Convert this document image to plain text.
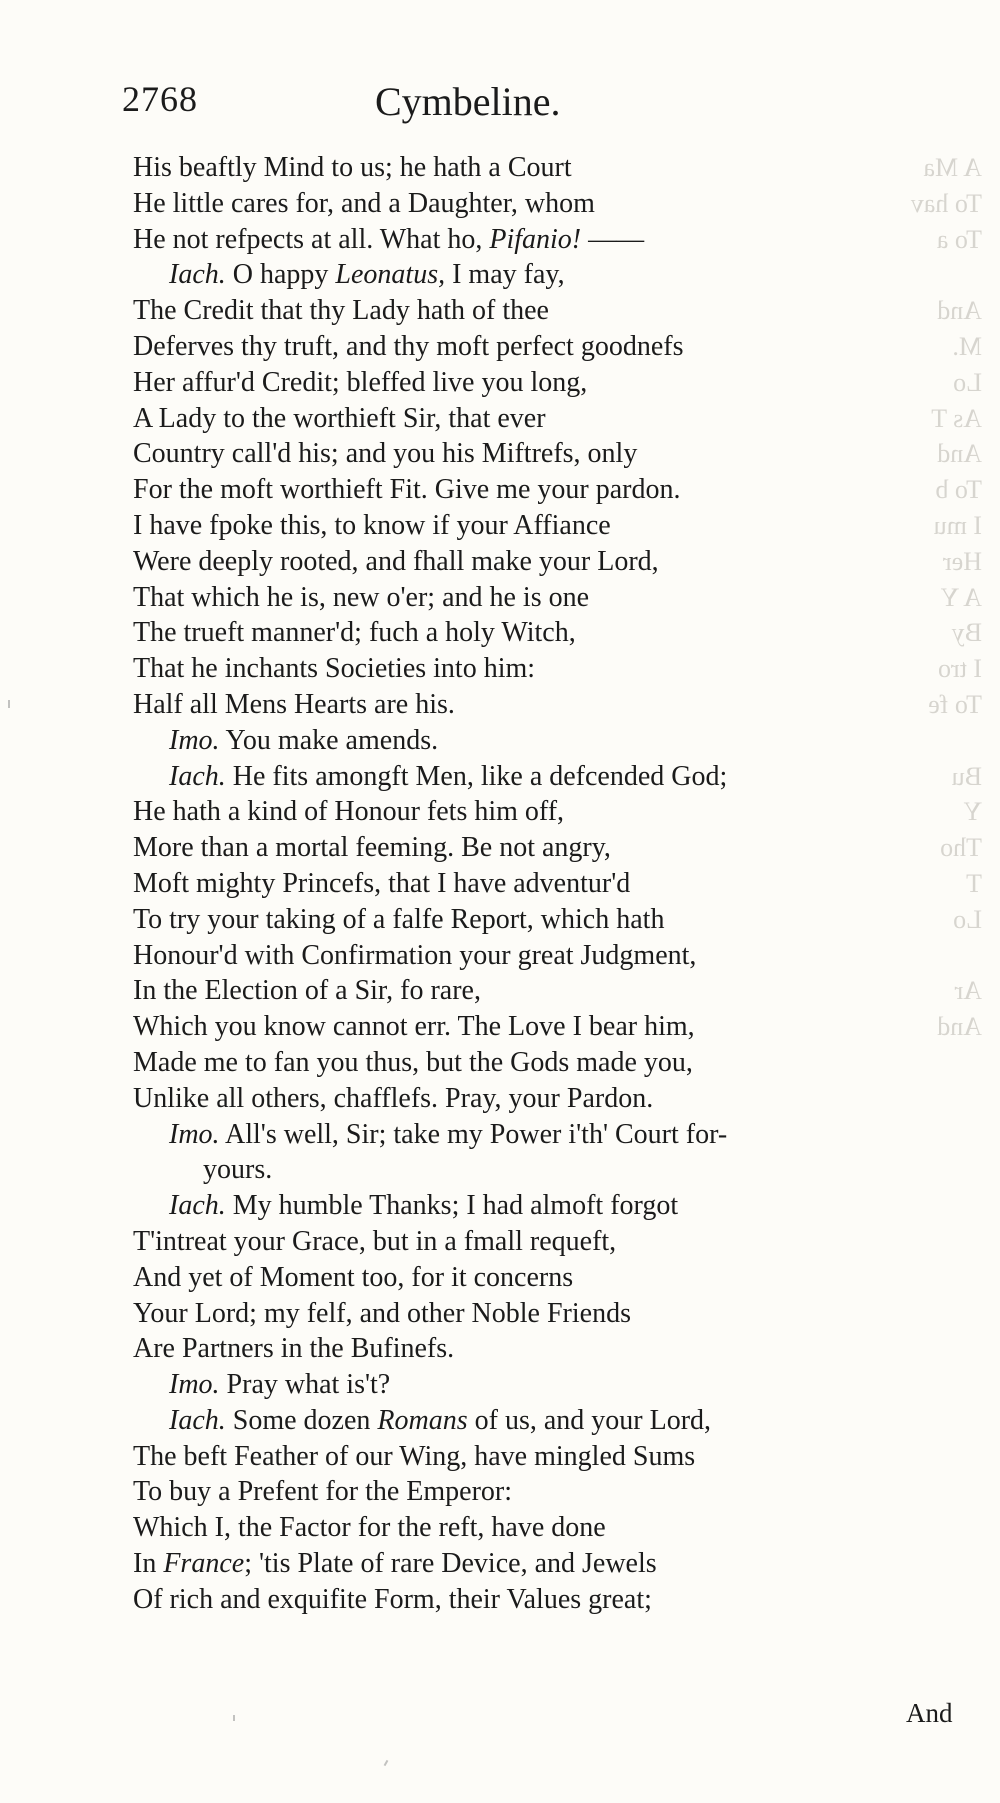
2768	Cymbeline.
A Ma
To hav
To a
And
M.
Lo
As T
And
To b
I mu
Her
A Y
By
I tro
To fe
Bu
Y
Tho
T
Lo
Ar
And
His beaftly Mind to us; he hath a Court
He little cares for, and a Daughter, whom
He not refpects at all. What ho, Pifanio! ——
Iach. O happy Leonatus, I may fay,
The Credit that thy Lady hath of thee
Deferves thy truft, and thy moft perfect goodnefs
Her affur'd Credit; bleffed live you long,
A Lady to the worthieft Sir, that ever
Country call'd his; and you his Miftrefs, only
For the moft worthieft Fit. Give me your pardon.
I have fpoke this, to know if your Affiance
Were deeply rooted, and fhall make your Lord,
That which he is, new o'er; and he is one
The trueft manner'd; fuch a holy Witch,
That he inchants Societies into him:
Half all Mens Hearts are his.
Imo. You make amends.
Iach. He fits amongft Men, like a defcended God;
He hath a kind of Honour fets him off,
More than a mortal feeming. Be not angry,
Moft mighty Princefs, that I have adventur'd
To try your taking of a falfe Report, which hath
Honour'd with Confirmation your great Judgment,
In the Election of a Sir, fo rare,
Which you know cannot err. The Love I bear him,
Made me to fan you thus, but the Gods made you,
Unlike all others, chafflefs. Pray, your Pardon.
Imo. All's well, Sir; take my Power i'th' Court for-
yours.
Iach. My humble Thanks; I had almoft forgot
T'intreat your Grace, but in a fmall requeft,
And yet of Moment too, for it concerns
Your Lord; my felf, and other Noble Friends
Are Partners in the Bufinefs.
Imo. Pray what is't?
Iach. Some dozen Romans of us, and your Lord,
The beft Feather of our Wing, have mingled Sums
To buy a Prefent for the Emperor:
Which I, the Factor for the reft, have done
In France; 'tis Plate of rare Device, and Jewels
Of rich and exquifite Form, their Values great;
And
